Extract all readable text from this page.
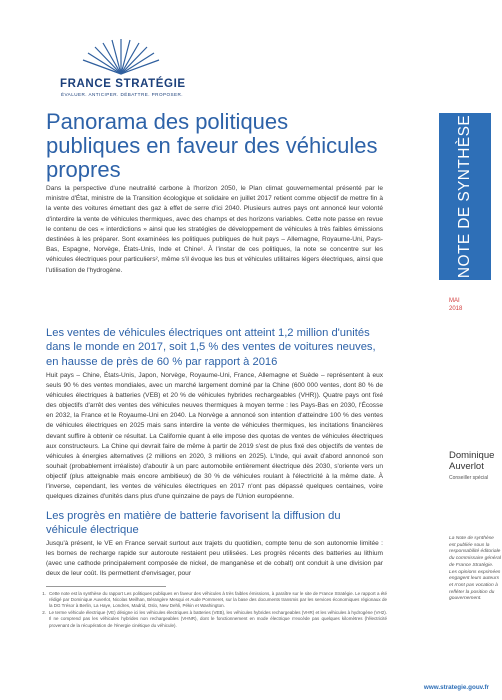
FRANCE STRATÉGIE
ÉVALUER. ANTICIPER. DÉBATTRE. PROPOSER.
Panorama des politiques publiques en faveur des véhicules propres
Dans la perspective d'une neutralité carbone à l'horizon 2050, le Plan climat gouvernemental présenté par le ministre d'État, ministre de la Transition écologique et solidaire en juillet 2017 retient comme objectif de mettre fin à la vente des voitures émettant des gaz à effet de serre d'ici 2040. Plusieurs autres pays ont annoncé leur volonté d'interdire la vente de véhicules thermiques, avec des champs et des horizons variables. Cette note passe en revue le contenu de ces « interdictions » ainsi que les stratégies de développement de véhicules à très faibles émissions destinées à les préparer. Sont examinées les politiques publiques de huit pays – Allemagne, Royaume-Uni, Pays-Bas, Espagne, Norvège, États-Unis, Inde et Chine¹. À l'instar de ces politiques, la note se concentre sur les véhicules électriques pour particuliers², même s'il évoque les bus et véhicules utilitaires légers électriques, ainsi que l'utilisation de l'hydrogène.
Les ventes de véhicules électriques ont atteint 1,2 million d'unités dans le monde en 2017, soit 1,5 % des ventes de voitures neuves, en hausse de près de 60 % par rapport à 2016
Huit pays – Chine, États-Unis, Japon, Norvège, Royaume-Uni, France, Allemagne et Suède – représentent à eux seuls 90 % des ventes mondiales, avec un marché largement dominé par la Chine (600 000 ventes, dont 80 % de véhicules électriques à batteries (VEB) et 20 % de véhicules hybrides rechargeables (VHR)). Quatre pays ont fixé des objectifs d'arrêt des ventes des véhicules neuves thermiques à moyen terme : les Pays-Bas en 2030, l'Écosse en 2032, la France et le Royaume-Uni en 2040. La Norvège a annoncé son intention d'atteindre 100 % des ventes de véhicules électriques en 2025 mais sans interdire la vente de véhicules thermiques, les incitations financières devant suffire à obtenir ce résultat. La Californie quant à elle impose des quotas de ventes de véhicules électriques aux constructeurs. La Chine qui devrait faire de même à partir de 2019 s'est de plus fixé des objectifs de ventes de véhicules à énergies alternatives (2 millions en 2020, 3 millions en 2025). L'Inde, qui avait d'abord annoncé son souhait (probablement irréaliste) d'aboutir à un parc automobile entièrement électrique dès 2030, s'oriente vers un objectif (plus atteignable mais encore ambitieux) de 30 % de véhicules roulant à l'électricité à la même date. À l'inverse, cependant, les ventes de véhicules électriques en 2017 n'ont pas dépassé quelques centaines, voire quelques dizaines d'unités dans plus d'une quinzaine de pays de l'Union européenne.
Les progrès en matière de batterie favorisent la diffusion du véhicule électrique
Jusqu'à présent, le VE en France servait surtout aux trajets du quotidien, compte tenu de son autonomie limitée : les bornes de recharge rapide sur autoroute restaient peu utilisées. Les progrès récents des batteries au lithium (avec une cathode principalement composée de nickel, de manganèse et de cobalt) ont conduit à une division par deux de leur coût. Ils permettent d'envisager, pour
1. Cette note est la synthèse du rapport Les politiques publiques en faveur des véhicules à très faibles émissions, à paraître sur le site de France Stratégie. Le rapport a été rédigé par Dominique Auverlot, Nicolas Meilhan, Bérangère Mesqui et Aude Pommeret, sur la base des documents transmis par les services économiques régionaux de la DG Trésor à Berlin, La Haye, Londres, Madrid, Oslo, New Dehli, Pékin et Washington.
2. Le terme véhicule électrique (VE) désigne ici les véhicules électriques à batteries (VEB), les véhicules hybrides rechargeables (VHR) et les véhicules à hydrogène (VH2). Il ne comprend pas les véhicules hybrides non rechargeables (VHNR), dont le fonctionnement en mode électrique n'excède pas quelques kilomètres (l'électricité provenant de la récupération de l'énergie cinétique du véhicule).
NOTE DE SYNTHÈSE
MAI
2018
Dominique
Auverlot
Conseiller spécial
La Note de synthèse est publiée sous la responsabilité éditoriale du commissaire général de France Stratégie. Les opinions exprimées engagent leurs auteurs et n'ont pas vocation à refléter la position du gouvernement.
www.strategie.gouv.fr
